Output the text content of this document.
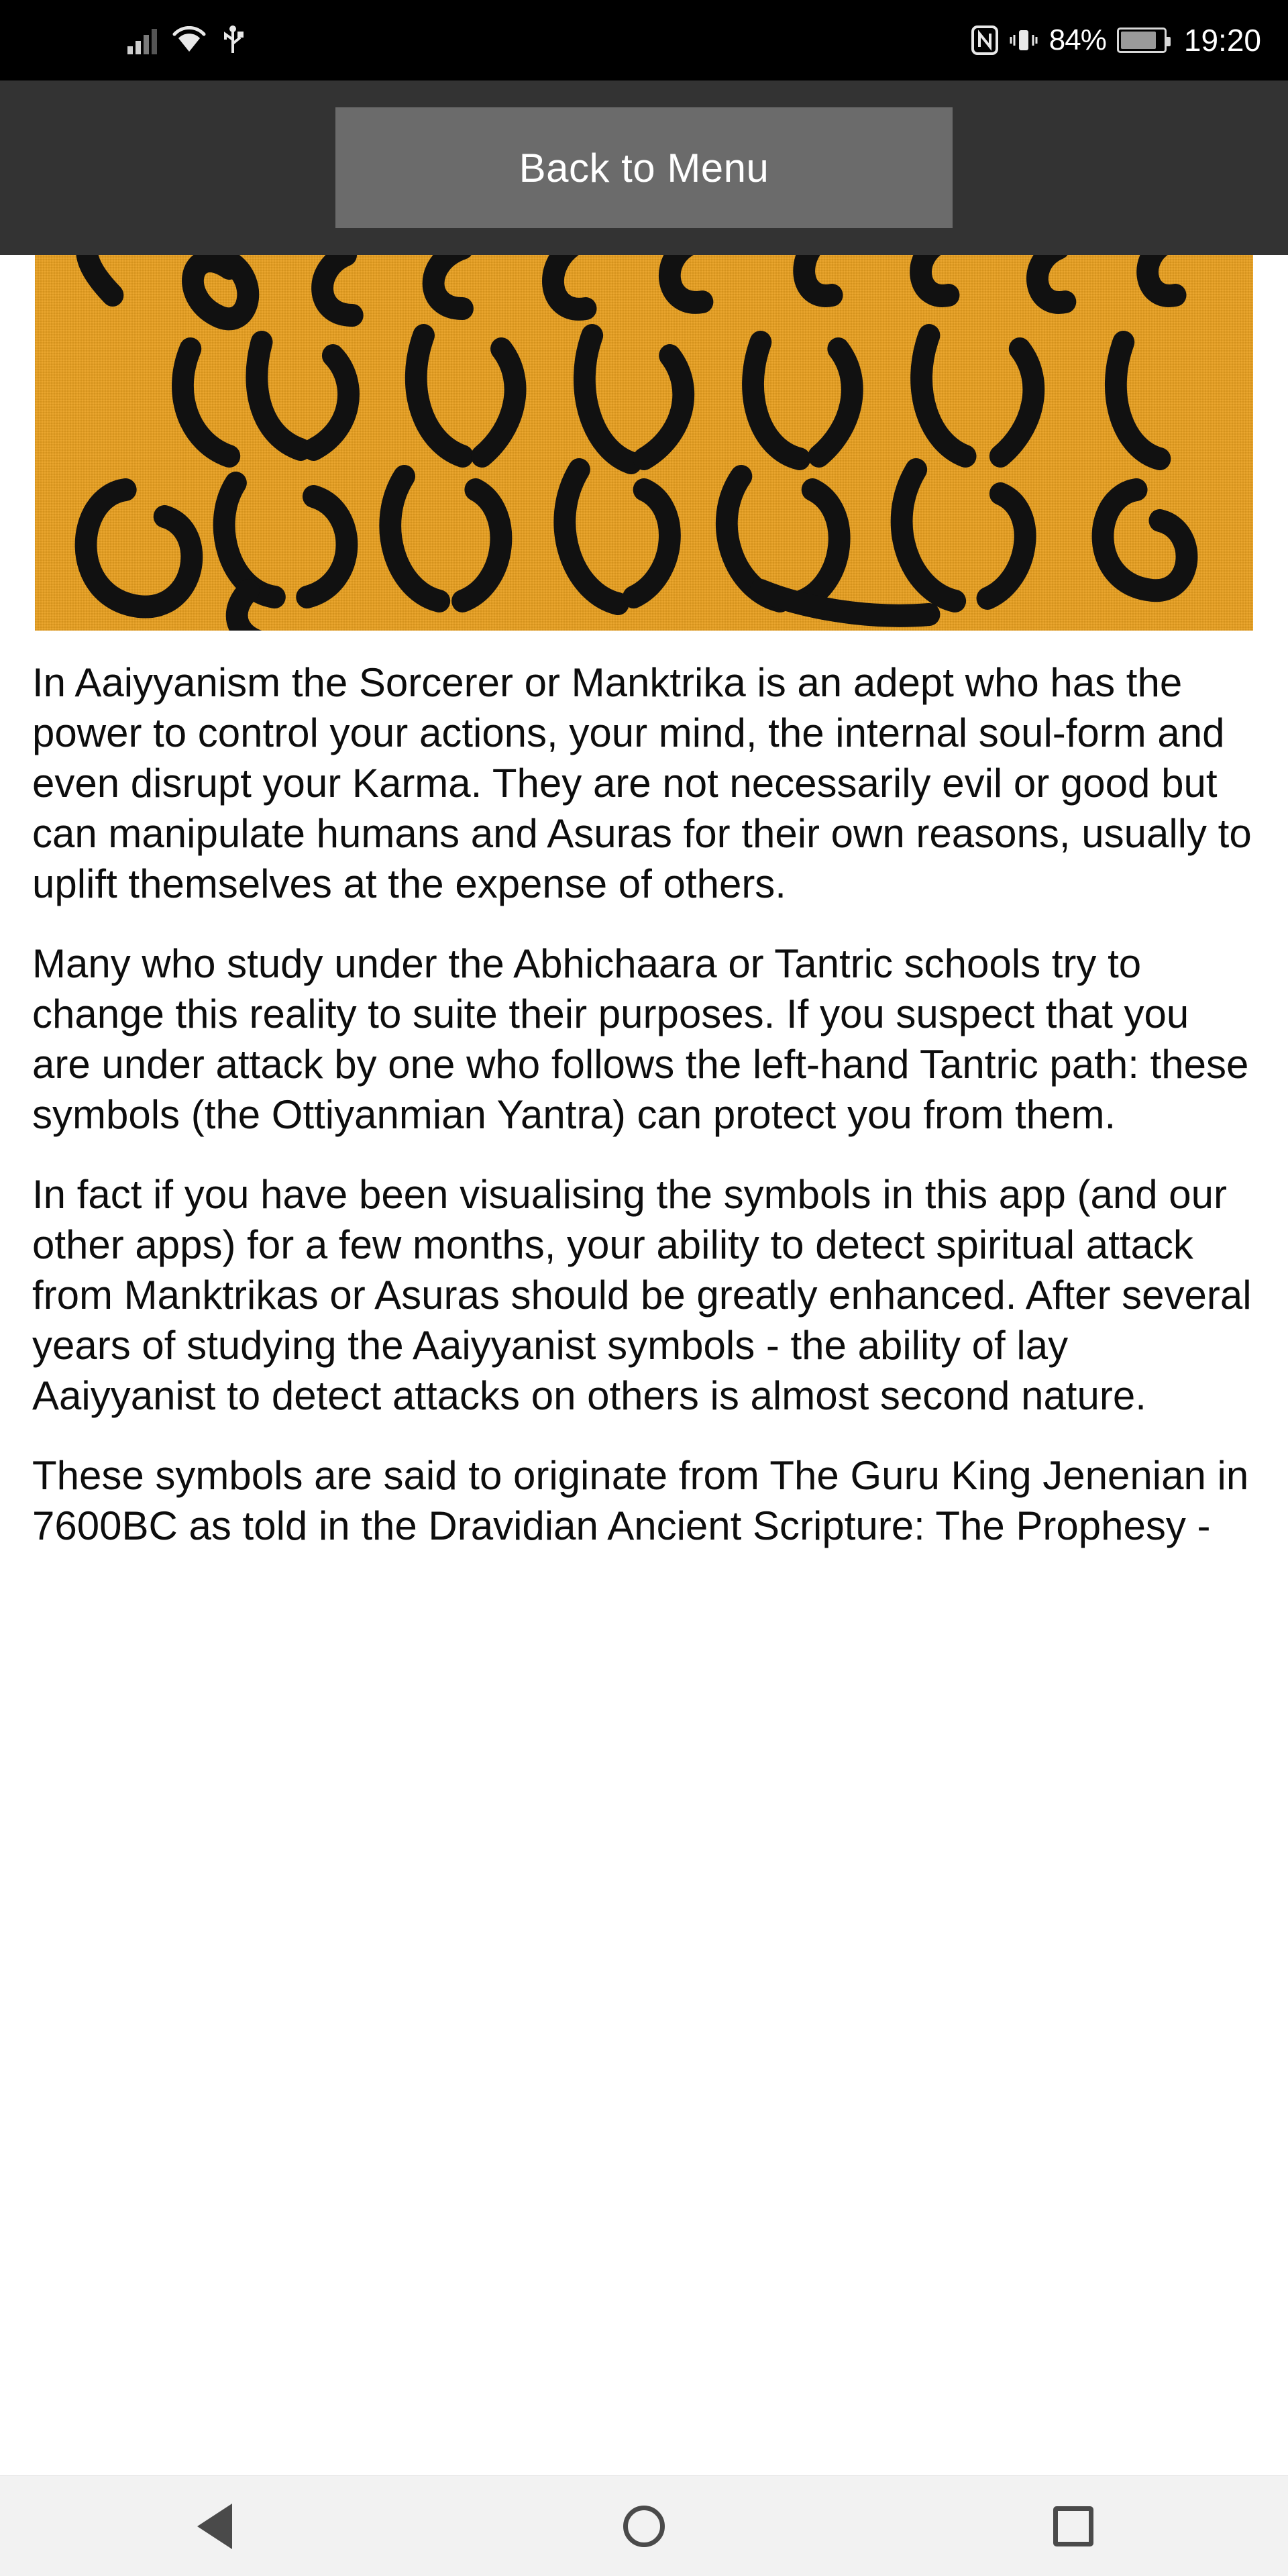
84%	19:20
Back to Menu

In Aaiyyanism the Sorcerer or Manktrika is an adept who has the power to control your actions, your mind, the internal soul-form and even disrupt your Karma. They are not necessarily evil or good but can manipulate humans and Asuras for their own reasons, usually to uplift themselves at the expense of others.

Many who study under the Abhichaara or Tantric schools try to change this reality to suite their purposes. If you suspect that you are under attack by one who follows the left-hand Tantric path: these symbols (the Ottiyanmian Yantra) can protect you from them.

In fact if you have been visualising the symbols in this app (and our other apps) for a few months, your ability to detect spiritual attack from Manktrikas or Asuras should be greatly enhanced. After several years of studying the Aaiyyanist symbols - the ability of lay Aaiyyanist to detect attacks on others is almost second nature.

These symbols are said to originate from The Guru King Jenenian in 7600BC as told in the Dravidian Ancient Scripture: The Prophesy -
